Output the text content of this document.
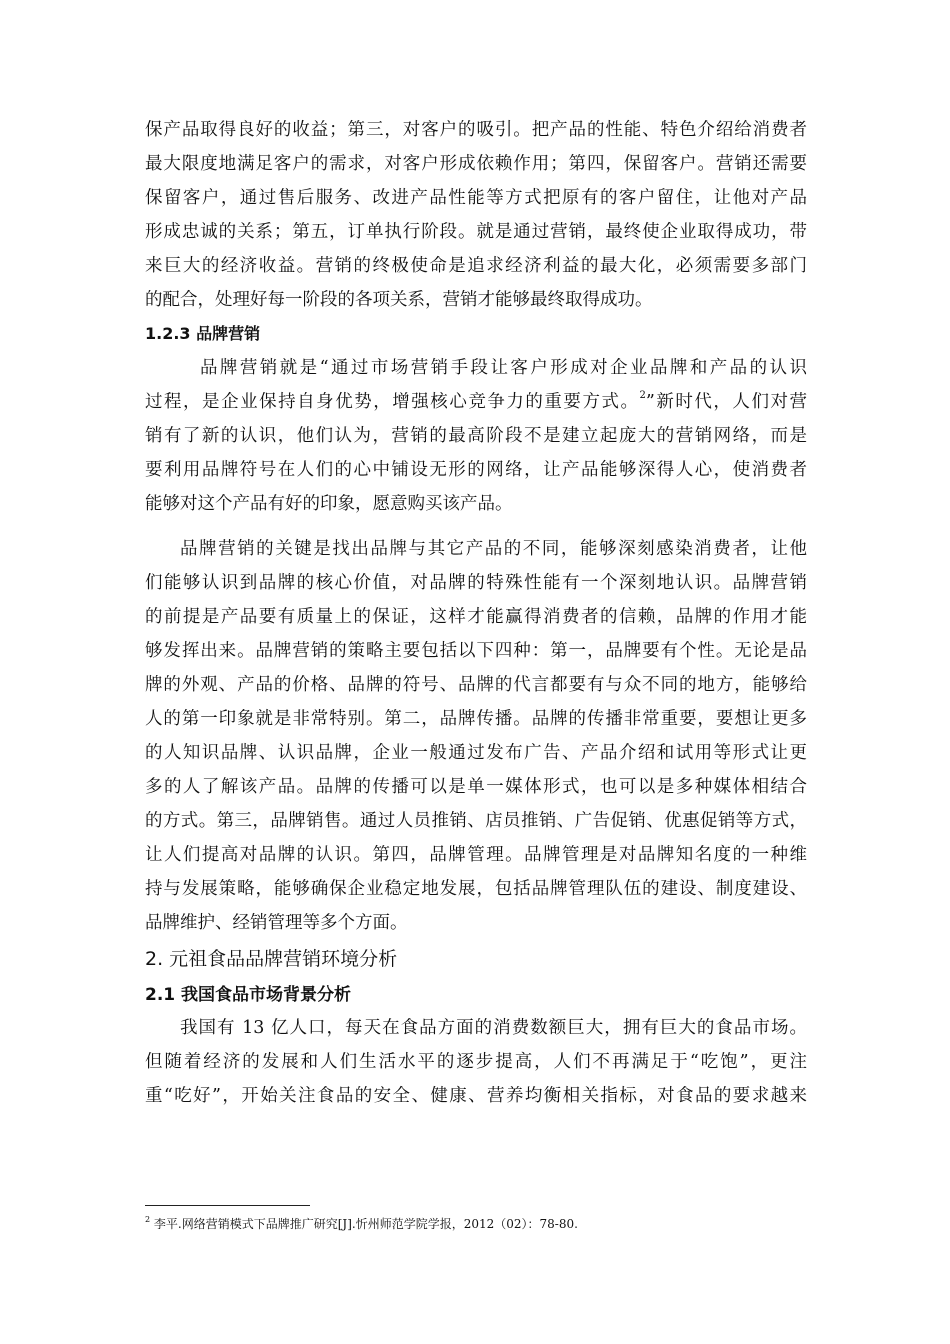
保产品取得良好的收益；第三，对客户的吸引。把产品的性能、特色介绍给消费者
最大限度地满足客户的需求，对客户形成依赖作用；第四，保留客户。营销还需要
保留客户，通过售后服务、改进产品性能等方式把原有的客户留住，让他对产品
形成忠诚的关系；第五，订单执行阶段。就是通过营销，最终使企业取得成功，带
来巨大的经济收益。营销的终极使命是追求经济利益的最大化，必须需要多部门
的配合，处理好每一阶段的各项关系，营销才能够最终取得成功。
1.2.3 品牌营销
品牌营销就是“通过市场营销手段让客户形成对企业品牌和产品的认识
过程，是企业保持自身优势，增强核心竞争力的重要方式。$^2$”新时代，人们对营
销有了新的认识，他们认为，营销的最高阶段不是建立起庞大的营销网络，而是
要利用品牌符号在人们的心中铺设无形的网络，让产品能够深得人心，使消费者
能够对这个产品有好的印象，愿意购买该产品。
品牌营销的关键是找出品牌与其它产品的不同，能够深刻感染消费者，让他
们能够认识到品牌的核心价值，对品牌的特殊性能有一个深刻地认识。品牌营销
的前提是产品要有质量上的保证，这样才能赢得消费者的信赖，品牌的作用才能
够发挥出来。品牌营销的策略主要包括以下四种：第一，品牌要有个性。无论是品
牌的外观、产品的价格、品牌的符号、品牌的代言都要有与众不同的地方，能够给
人的第一印象就是非常特别。第二，品牌传播。品牌的传播非常重要，要想让更多
的人知识品牌、认识品牌，企业一般通过发布广告、产品介绍和试用等形式让更
多的人了解该产品。品牌的传播可以是单一媒体形式，也可以是多种媒体相结合
的方式。第三，品牌销售。通过人员推销、店员推销、广告促销、优惠促销等方式，
让人们提高对品牌的认识。第四，品牌管理。品牌管理是对品牌知名度的一种维
持与发展策略，能够确保企业稳定地发展，包括品牌管理队伍的建设、制度建设、
品牌维护、经销管理等多个方面。
2. 元祖食品品牌营销环境分析
2.1 我国食品市场背景分析
我国有 13 亿人口，每天在食品方面的消费数额巨大，拥有巨大的食品市场。
但随着经济的发展和人们生活水平的逐步提高，人们不再满足于“吃饱”，更注
重“吃好”，开始关注食品的安全、健康、营养均衡相关指标，对食品的要求越来
$^2$ 李平.网络营销模式下品牌推广研究[J].忻州师范学院学报，2012（02）：78-80.
